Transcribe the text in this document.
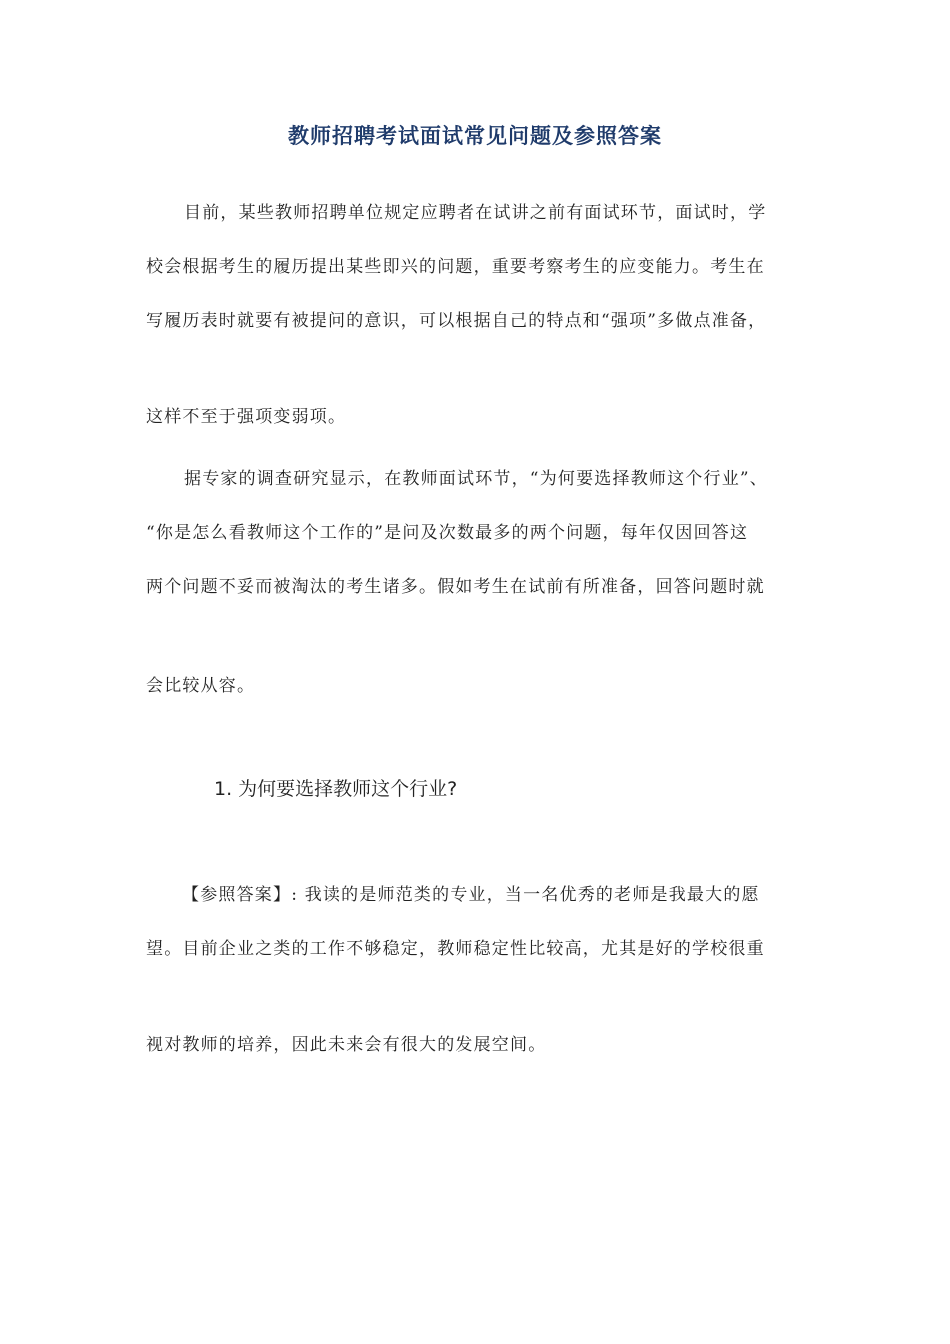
教师招聘考试面试常见问题及参照答案
目前，某些教师招聘单位规定应聘者在试讲之前有面试环节，面试时，学
校会根据考生的履历提出某些即兴的问题，重要考察考生的应变能力。考生在
写履历表时就要有被提问的意识，可以根据自己的特点和“强项”多做点准备，
这样不至于强项变弱项。
据专家的调查研究显示，在教师面试环节，“为何要选择教师这个行业”、
“你是怎么看教师这个工作的”是问及次数最多的两个问题，每年仅因回答这
两个问题不妥而被淘汰的考生诸多。假如考生在试前有所准备，回答问题时就
会比较从容。
1. 为何要选择教师这个行业?
【参照答案】: 我读的是师范类的专业，当一名优秀的老师是我最大的愿
望。目前企业之类的工作不够稳定，教师稳定性比较高，尤其是好的学校很重
视对教师的培养，因此未来会有很大的发展空间。
